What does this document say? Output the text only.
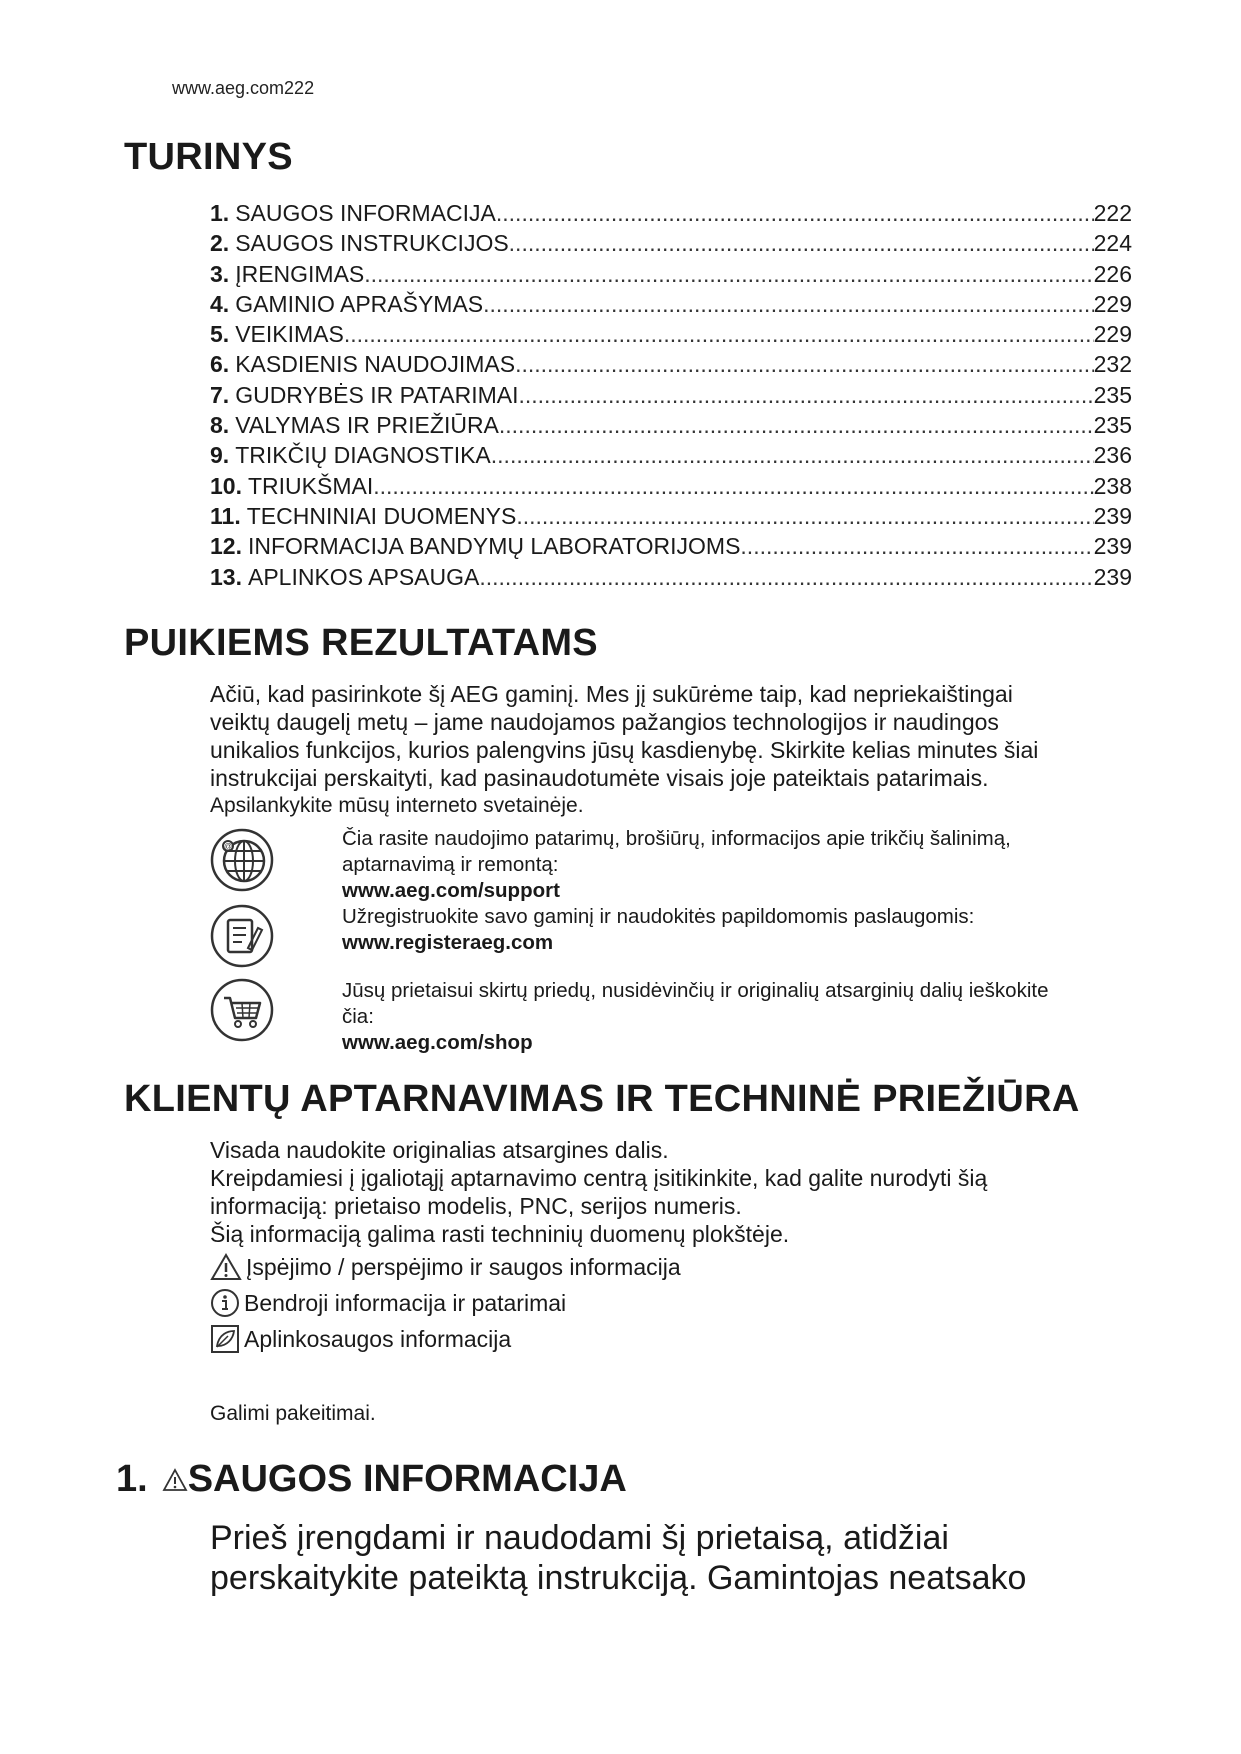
www.aeg.com222
TURINYS
1. SAUGOS INFORMACIJA .....	222
2. SAUGOS INSTRUKCIJOS .....	224
3. ĮRENGIMAS .....	226
4. GAMINIO APRAŠYMAS .....	229
5. VEIKIMAS .....	229
6. KASDIENIS NAUDOJIMAS .....	232
7. GUDRYBĖS IR PATARIMAI .....	235
8. VALYMAS IR PRIEŽIŪRA .....	235
9. TRIKČIŲ DIAGNOSTIKA .....	236
10. TRIUKŠMAI .....	238
11. TECHNINIAI DUOMENYS .....	239
12. INFORMACIJA BANDYMŲ LABORATORIJOMS .....	239
13. APLINKOS APSAUGA .....	239
PUIKIEMS REZULTATAMS
Ačiū, kad pasirinkote šį AEG gaminį. Mes jį sukūrėme taip, kad nepriekaištingai
veiktų daugelį metų – jame naudojamos pažangios technologijos ir naudingos
unikalios funkcijos, kurios palengvins jūsų kasdienybę. Skirkite kelias minutes šiai
instrukcijai perskaityti, kad pasinaudotumėte visais joje pateiktais patarimais.
Apsilankykite mūsų interneto svetainėje.
@	Čia rasite naudojimo patarimų, brošiūrų, informacijos apie trikčių šalinimą,
aptarnavimą ir remontą:
www.aeg.com/support
Užregistruokite savo gaminį ir naudokitės papildomomis paslaugomis:
www.registeraeg.com
Jūsų prietaisui skirtų priedų, nusidėvinčių ir originalių atsarginių dalių ieškokite
čia:
www.aeg.com/shop
KLIENTŲ APTARNAVIMAS IR TECHNINĖ PRIEŽIŪRA
Visada naudokite originalias atsargines dalis.
Kreipdamiesi į įgaliotąjį aptarnavimo centrą įsitikinkite, kad galite nurodyti šią
informaciją: prietaiso modelis, PNC, serijos numeris.
Šią informaciją galima rasti techninių duomenų plokštėje.
Įspėjimo / perspėjimo ir saugos informacija
Bendroji informacija ir patarimai
Aplinkosaugos informacija
Galimi pakeitimai.
1. SAUGOS INFORMACIJA
Prieš įrengdami ir naudodami šį prietaisą, atidžiai
perskaitykite pateiktą instrukciją. Gamintojas neatsako
